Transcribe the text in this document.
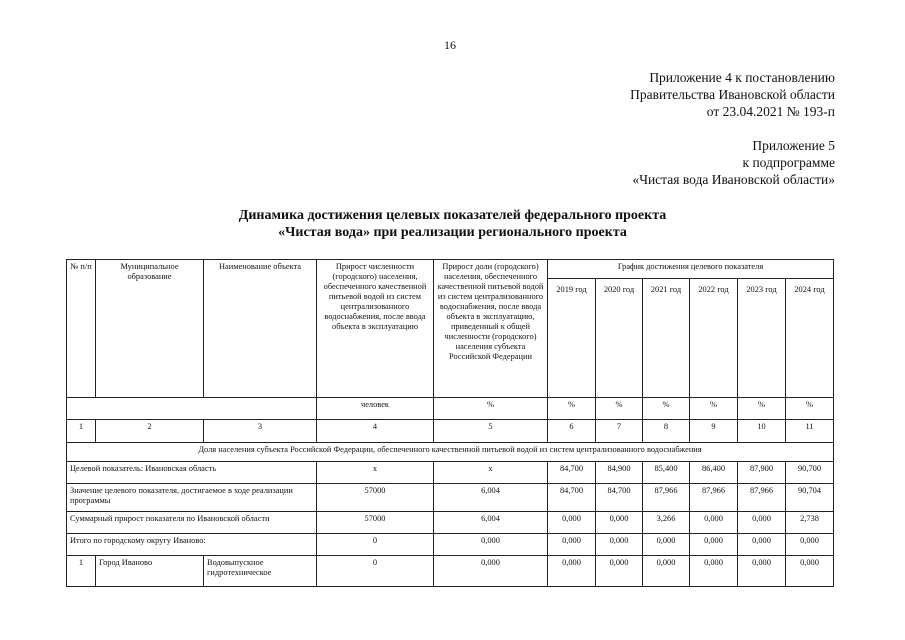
16
Приложение 4 к постановлению
Правительства Ивановской области
от 23.04.2021 № 193-п
Приложение 5
к подпрограмме
«Чистая вода Ивановской области»
Динамика достижения целевых показателей федерального проекта
«Чистая вода» при реализации регионального проекта
№ п/п	Муниципальное образование	Наименование объекта	Прирост численности (городского) населения, обеспеченного качественной питьевой водой из систем централизованного водоснабжения, после ввода объекта в эксплуатацию	Прирост доли (городского) населения, обеспеченного качественной питьевой водой из систем централизованного водоснабжения, после ввода объекта в эксплуатацию, приведенный к общей численности (городского) населения субъекта Российской Федерации	График достижения целевого показателя					
					2019 год	2020 год	2021 год	2022 год	2023 год	2024 год
			человек	%	%	%	%	%	%	%
1	2	3	4	5	6	7	8	9	10	11
Доля населения субъекта Российской Федерации, обеспеченного качественной питьевой водой из систем централизованного водоснабжения										
Целевой показатель: Ивановская область			х	х	84,700	84,900	85,400	86,400	87,900	90,700
Значение целевого показателя, достигаемое в ходе реализации программы			57000	6,004	84,700	84,700	87,966	87,966	87,966	90,704
Суммарный прирост показателя по Ивановской области			57000	6,004	0,000	0,000	3,266	0,000	0,000	2,738
Итого по городскому округу Иваново:			0	0,000	0,000	0,000	0,000	0,000	0,000	0,000
1	Город Иваново	Водовыпускное гидротехническое	0	0,000	0,000	0,000	0,000	0,000	0,000	0,000
